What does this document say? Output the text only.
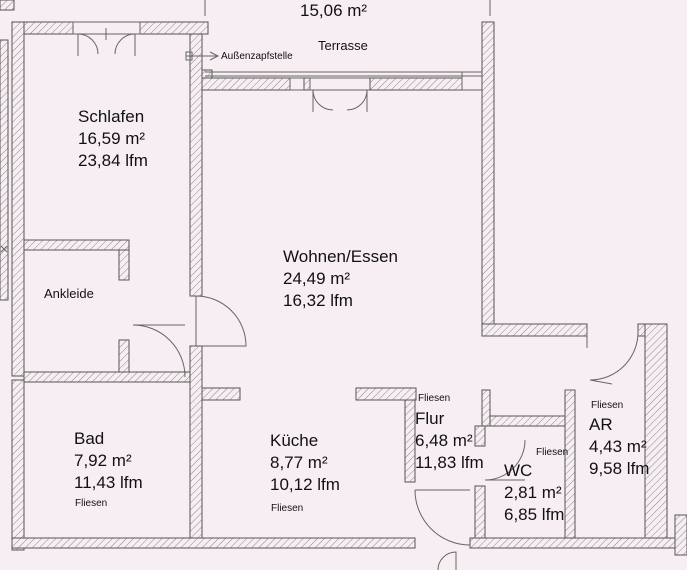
15,06 m²
Terrasse
Außenzapfstelle
Schlafen
16,59 m²
23,84 lfm
Ankleide
Wohnen/Essen
24,49 m²
16,32 lfm
Bad
7,92 m²
11,43 lfm
Fliesen
Küche
8,77 m²
10,12 lfm
Fliesen
Fliesen
Flur
6,48 m²
11,83 lfm
Fliesen
WC
2,81 m²
6,85 lfm
Fliesen
AR
4,43 m²
9,58 lfm
